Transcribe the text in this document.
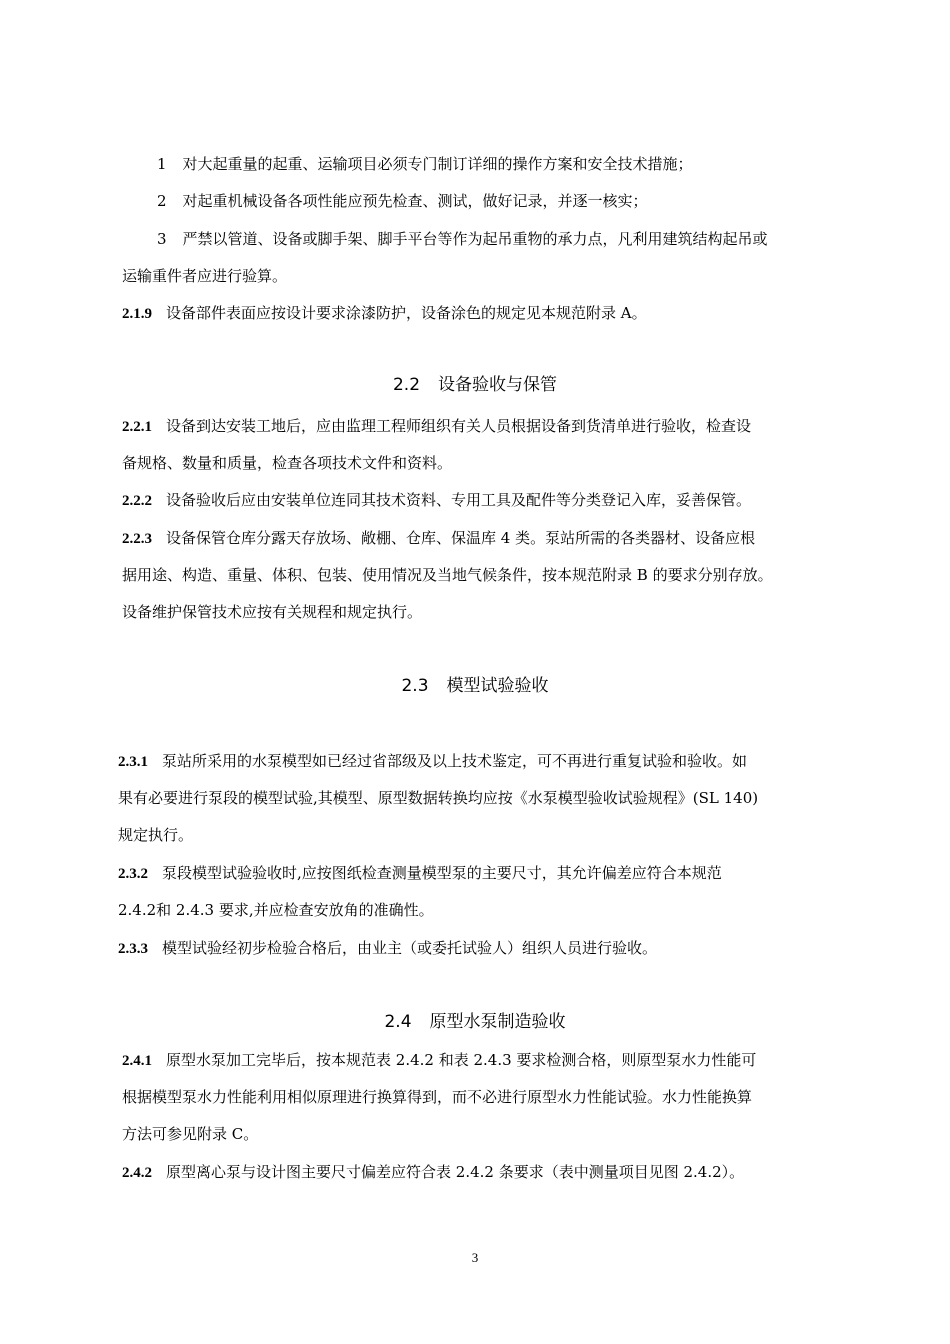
1 对大起重量的起重、运输项目必须专门制订详细的操作方案和安全技术措施；
2 对起重机械设备各项性能应预先检查、测试，做好记录，并逐一核实；
3 严禁以管道、设备或脚手架、脚手平台等作为起吊重物的承力点，凡利用建筑结构起吊或
运输重件者应进行验算。
2.1.9 设备部件表面应按设计要求涂漆防护，设备涂色的规定见本规范附录 A。
2.2 设备验收与保管
2.2.1 设备到达安装工地后，应由监理工程师组织有关人员根据设备到货清单进行验收，检查设
备规格、数量和质量，检查各项技术文件和资料。
2.2.2 设备验收后应由安装单位连同其技术资料、专用工具及配件等分类登记入库，妥善保管。
2.2.3 设备保管仓库分露天存放场、敞棚、仓库、保温库 4 类。泵站所需的各类器材、设备应根
据用途、构造、重量、体积、包装、使用情况及当地气候条件，按本规范附录 B 的要求分别存放。
设备维护保管技术应按有关规程和规定执行。
2.3 模型试验验收
2.3.1 泵站所采用的水泵模型如已经过省部级及以上技术鉴定，可不再进行重复试验和验收。如
果有必要进行泵段的模型试验,其模型、原型数据转换均应按《水泵模型验收试验规程》(SL 140)
规定执行。
2.3.2 泵段模型试验验收时,应按图纸检查测量模型泵的主要尺寸，其允许偏差应符合本规范
2.4.2和 2.4.3 要求,并应检查安放角的准确性。
2.3.3 模型试验经初步检验合格后，由业主（或委托试验人）组织人员进行验收。
2.4 原型水泵制造验收
2.4.1 原型水泵加工完毕后，按本规范表 2.4.2 和表 2.4.3 要求检测合格，则原型泵水力性能可
根据模型泵水力性能利用相似原理进行换算得到，而不必进行原型水力性能试验。水力性能换算
方法可参见附录 C。
2.4.2 原型离心泵与设计图主要尺寸偏差应符合表 2.4.2 条要求（表中测量项目见图 2.4.2）。
3
